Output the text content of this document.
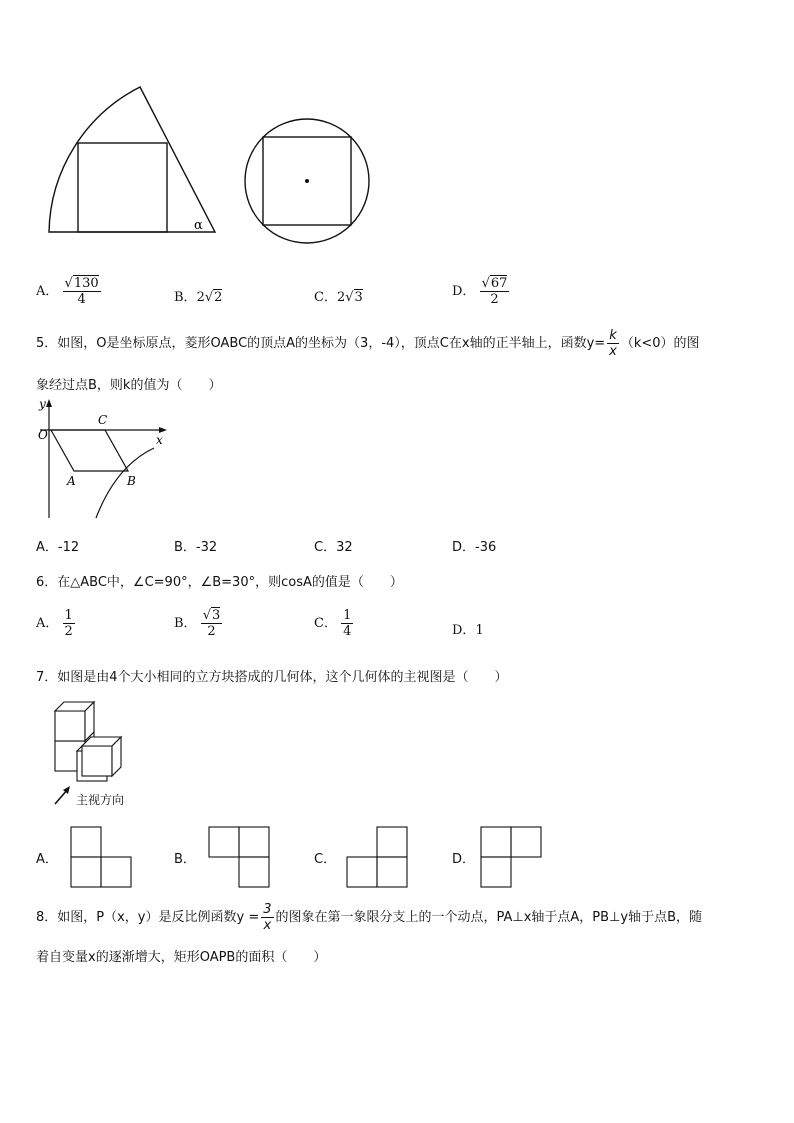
α
A． $\frac{√130}{4}$	B．2√2	C．2√3	D． $\frac{√67}{2}$
5．如图，O是坐标原点，菱形OABC的顶点A的坐标为（3，-4），顶点C在x轴的正半轴上，函数$y= \frac{k}{x} (k<0)$的图
象经过点B，则k的值为（　　）
y
x
O
C
A	B
A．-12	B．-32	C．32	D．-36
6．在△ABC中，∠C=90°，∠B=30°，则cosA的值是（　　）
A． $\frac{1}{2}$	B． $\frac{√3}{2}$	C． $\frac{1}{4}$	D．1
7．如图是由4个大小相同的立方块搭成的几何体，这个几何体的主视图是（　　）
主视方向
A．	B．	C．	D．
8．如图，P（x，y）是反比例函数$y = \frac{3}{x}$ 的图象在第一象限分支上的一个动点，PA⊥x轴于点A，PB⊥y轴于点B，随
着自变量x的逐渐增大，矩形OAPB的面积（　　）
